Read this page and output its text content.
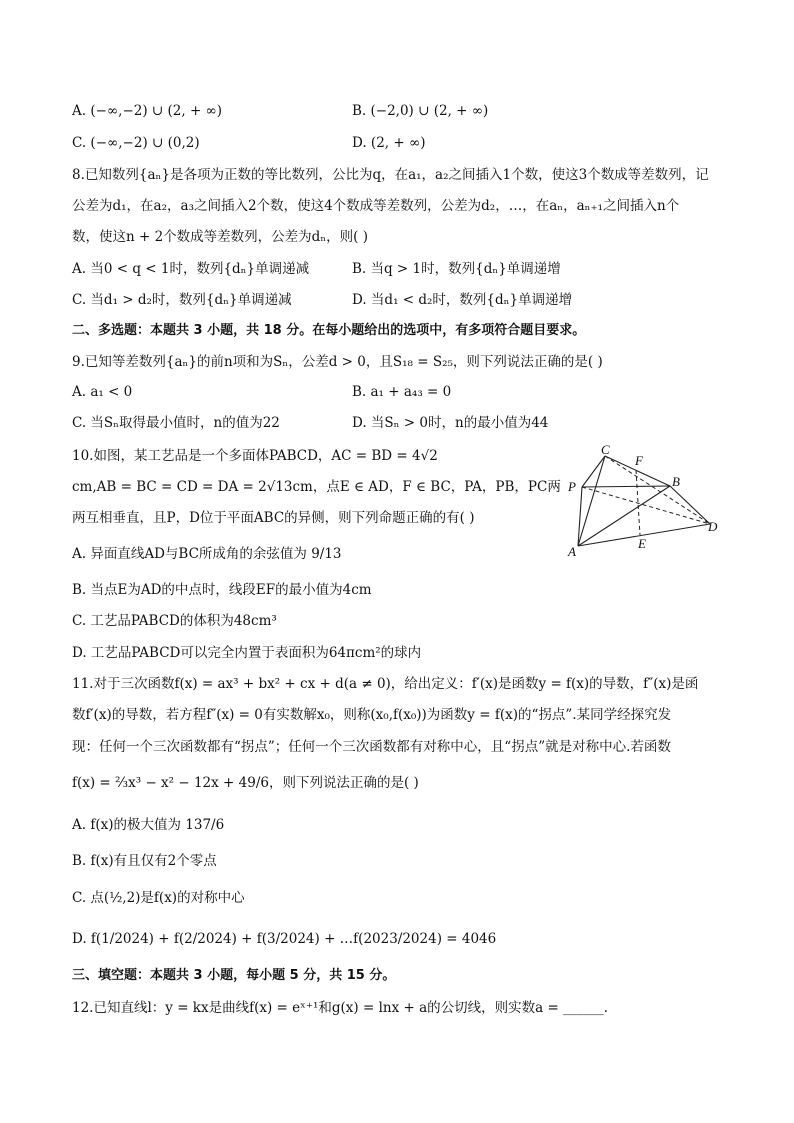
A. (−∞,−2) ∪ (2, + ∞)	B. (−2,0) ∪ (2, + ∞)
C. (−∞,−2) ∪ (0,2)	D. (2, + ∞)
8.已知数列{aₙ}是各项为正数的等比数列，公比为q，在a₁，a₂之间插入1个数，使这3个数成等差数列，记
公差为d₁，在a₂，a₃之间插入2个数，使这4个数成等差数列，公差为d₂，…，在aₙ，aₙ₊₁之间插入n个
数，使这n + 2个数成等差数列，公差为dₙ，则( )
A. 当0 < q < 1时，数列{dₙ}单调递减	B. 当q > 1时，数列{dₙ}单调递增
C. 当d₁ > d₂时，数列{dₙ}单调递减	D. 当d₁ < d₂时，数列{dₙ}单调递增
二、多选题：本题共 3 小题，共 18 分。在每小题给出的选项中，有多项符合题目要求。
9.已知等差数列{aₙ}的前n项和为Sₙ，公差d > 0，且S₁₈ = S₂₅，则下列说法正确的是( )
A. a₁ < 0	B. a₁ + a₄₃ = 0
C. 当Sₙ取得最小值时，n的值为22	D. 当Sₙ > 0时，n的最小值为44
10.如图，某工艺品是一个多面体PABCD，AC = BD = 4√2
cm,AB = BC = CD = DA = 2√13cm，点E ∈ AD，F ∈ BC，PA，PB，PC两
两互相垂直，且P，D位于平面ABC的异侧，则下列命题正确的有( )
A. 异面直线AD与BC所成角的余弦值为 9/13
B. 当点E为AD的中点时，线段EF的最小值为4cm
C. 工艺品PABCD的体积为48cm³
D. 工艺品PABCD可以完全内置于表面积为64πcm²的球内
C
F
P	B
D
A
E
11.对于三次函数f(x) = ax³ + bx² + cx + d(a ≠ 0)，给出定义：f′(x)是函数y = f(x)的导数，f″(x)是函
数f′(x)的导数，若方程f″(x) = 0有实数解x₀，则称(x₀,f(x₀))为函数y = f(x)的“拐点”.某同学经探究发
现：任何一个三次函数都有“拐点”；任何一个三次函数都有对称中心，且“拐点”就是对称中心.若函数
f(x) = ⅔x³ − x² − 12x + 49/6，则下列说法正确的是( )
A. f(x)的极大值为 137/6
B. f(x)有且仅有2个零点
C. 点(½,2)是f(x)的对称中心
D. f(1/2024) + f(2/2024) + f(3/2024) + …f(2023/2024) = 4046
三、填空题：本题共 3 小题，每小题 5 分，共 15 分。
12.已知直线l：y = kx是曲线f(x) = eˣ⁺¹和g(x) = lnx + a的公切线，则实数a = ______.
